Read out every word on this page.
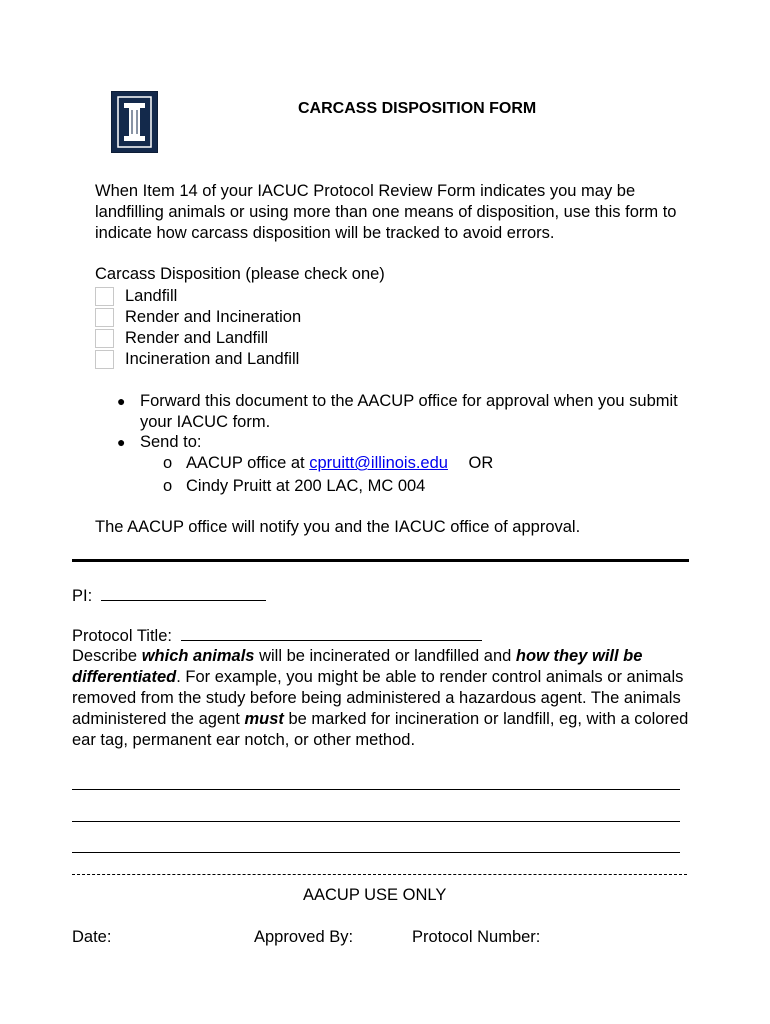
CARCASS DISPOSITION FORM
When Item 14 of your IACUC Protocol Review Form indicates you may be landfilling animals or using more than one means of disposition, use this form to indicate how carcass disposition will be tracked to avoid errors.
Carcass Disposition (please check one)
Landfill
Render and Incineration
Render and Landfill
Incineration and Landfill
● Forward this document to the AACUP office for approval when you submit your IACUC form.
● Send to:
o AACUP office at cpruitt@illinois.edu OR
o Cindy Pruitt at 200 LAC, MC 004
The AACUP office will notify you and the IACUC office of approval.
PI:
Protocol Title:
Describe which animals will be incinerated or landfilled and how they will be differentiated. For example, you might be able to render control animals or animals removed from the study before being administered a hazardous agent. The animals administered the agent must be marked for incineration or landfill, eg, with a colored ear tag, permanent ear notch, or other method.
AACUP USE ONLY
Date:	Approved By:	Protocol Number:
